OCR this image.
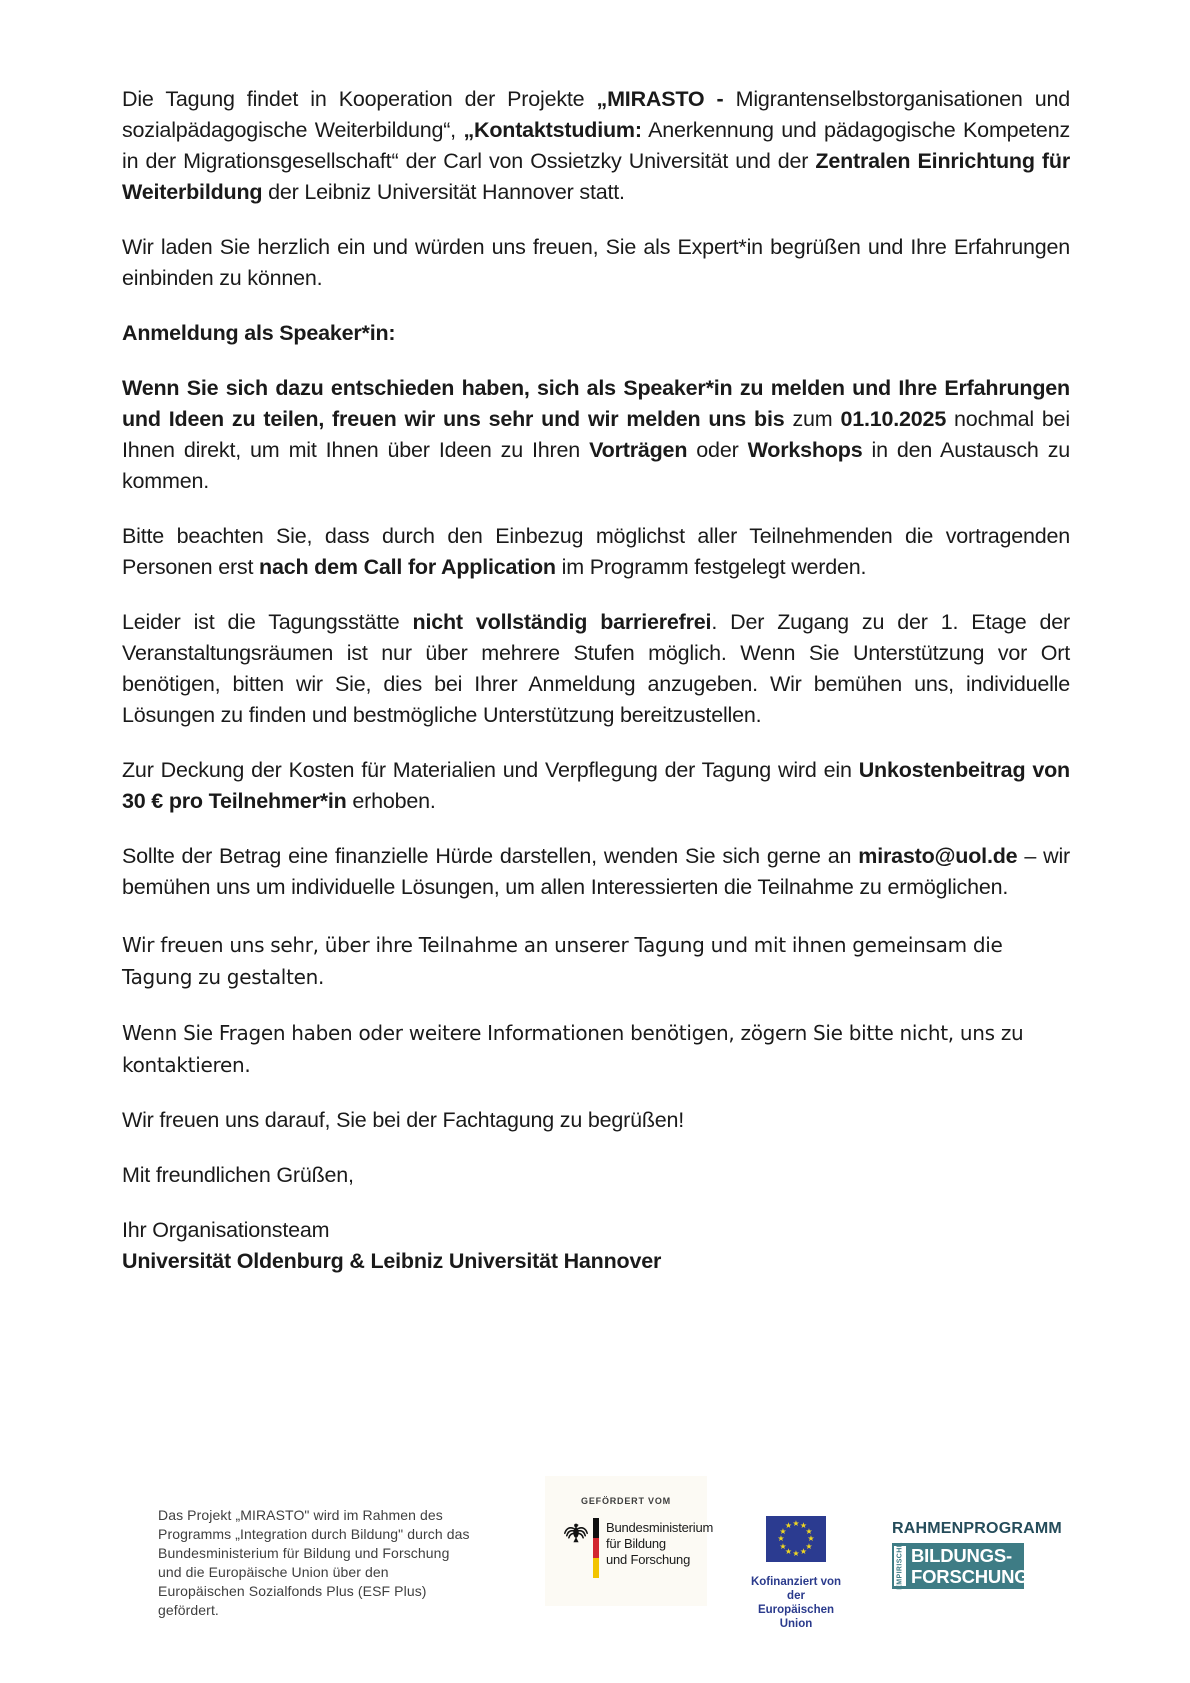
Die Tagung findet in Kooperation der Projekte „MIRASTO - Migrantenselbstorganisationen und sozialpädagogische Weiterbildung“, „Kontaktstudium: Anerkennung und pädagogische Kompetenz in der Migrationsgesellschaft“ der Carl von Ossietzky Universität und der Zentralen Einrichtung für Weiterbildung der Leibniz Universität Hannover statt.

Wir laden Sie herzlich ein und würden uns freuen, Sie als Expert*in begrüßen und Ihre Erfahrungen einbinden zu können.

Anmeldung als Speaker*in:

Wenn Sie sich dazu entschieden haben, sich als Speaker*in zu melden und Ihre Erfahrungen und Ideen zu teilen, freuen wir uns sehr und wir melden uns bis zum 01.10.2025 nochmal bei Ihnen direkt, um mit Ihnen über Ideen zu Ihren Vorträgen oder Workshops in den Austausch zu kommen.

Bitte beachten Sie, dass durch den Einbezug möglichst aller Teilnehmenden die vortragenden Personen erst nach dem Call for Application im Programm festgelegt werden.

Leider ist die Tagungsstätte nicht vollständig barrierefrei. Der Zugang zu der 1. Etage der Veranstaltungsräumen ist nur über mehrere Stufen möglich. Wenn Sie Unterstützung vor Ort benötigen, bitten wir Sie, dies bei Ihrer Anmeldung anzugeben. Wir bemühen uns, individuelle Lösungen zu finden und bestmögliche Unterstützung bereitzustellen.

Zur Deckung der Kosten für Materialien und Verpflegung der Tagung wird ein Unkostenbeitrag von 30 € pro Teilnehmer*in erhoben.

Sollte der Betrag eine finanzielle Hürde darstellen, wenden Sie sich gerne an mirasto@uol.de – wir bemühen uns um individuelle Lösungen, um allen Interessierten die Teilnahme zu ermöglichen.

Wir freuen uns sehr, über ihre Teilnahme an unserer Tagung und mit ihnen gemeinsam die Tagung zu gestalten.

Wenn Sie Fragen haben oder weitere Informationen benötigen, zögern Sie bitte nicht, uns zu kontaktieren.

Wir freuen uns darauf, Sie bei der Fachtagung zu begrüßen!

Mit freundlichen Grüßen,

Ihr Organisationsteam

Universität Oldenburg & Leibniz Universität Hannover

Das Projekt „MIRASTO" wird im Rahmen des Programms „Integration durch Bildung" durch das Bundesministerium für Bildung und Forschung und die Europäische Union über den Europäischen Sozialfonds Plus (ESF Plus) gefördert.
GEFÖRDERT VOM
Bundesministerium
für Bildung
und Forschung
★ ★
★
★
★
★
★
★
★
★
★
★
Kofinanziert von der
Europäischen Union
RAHMENPROGRAMM
EMPIRISCHE BILDUNGS-
FORSCHUNG
